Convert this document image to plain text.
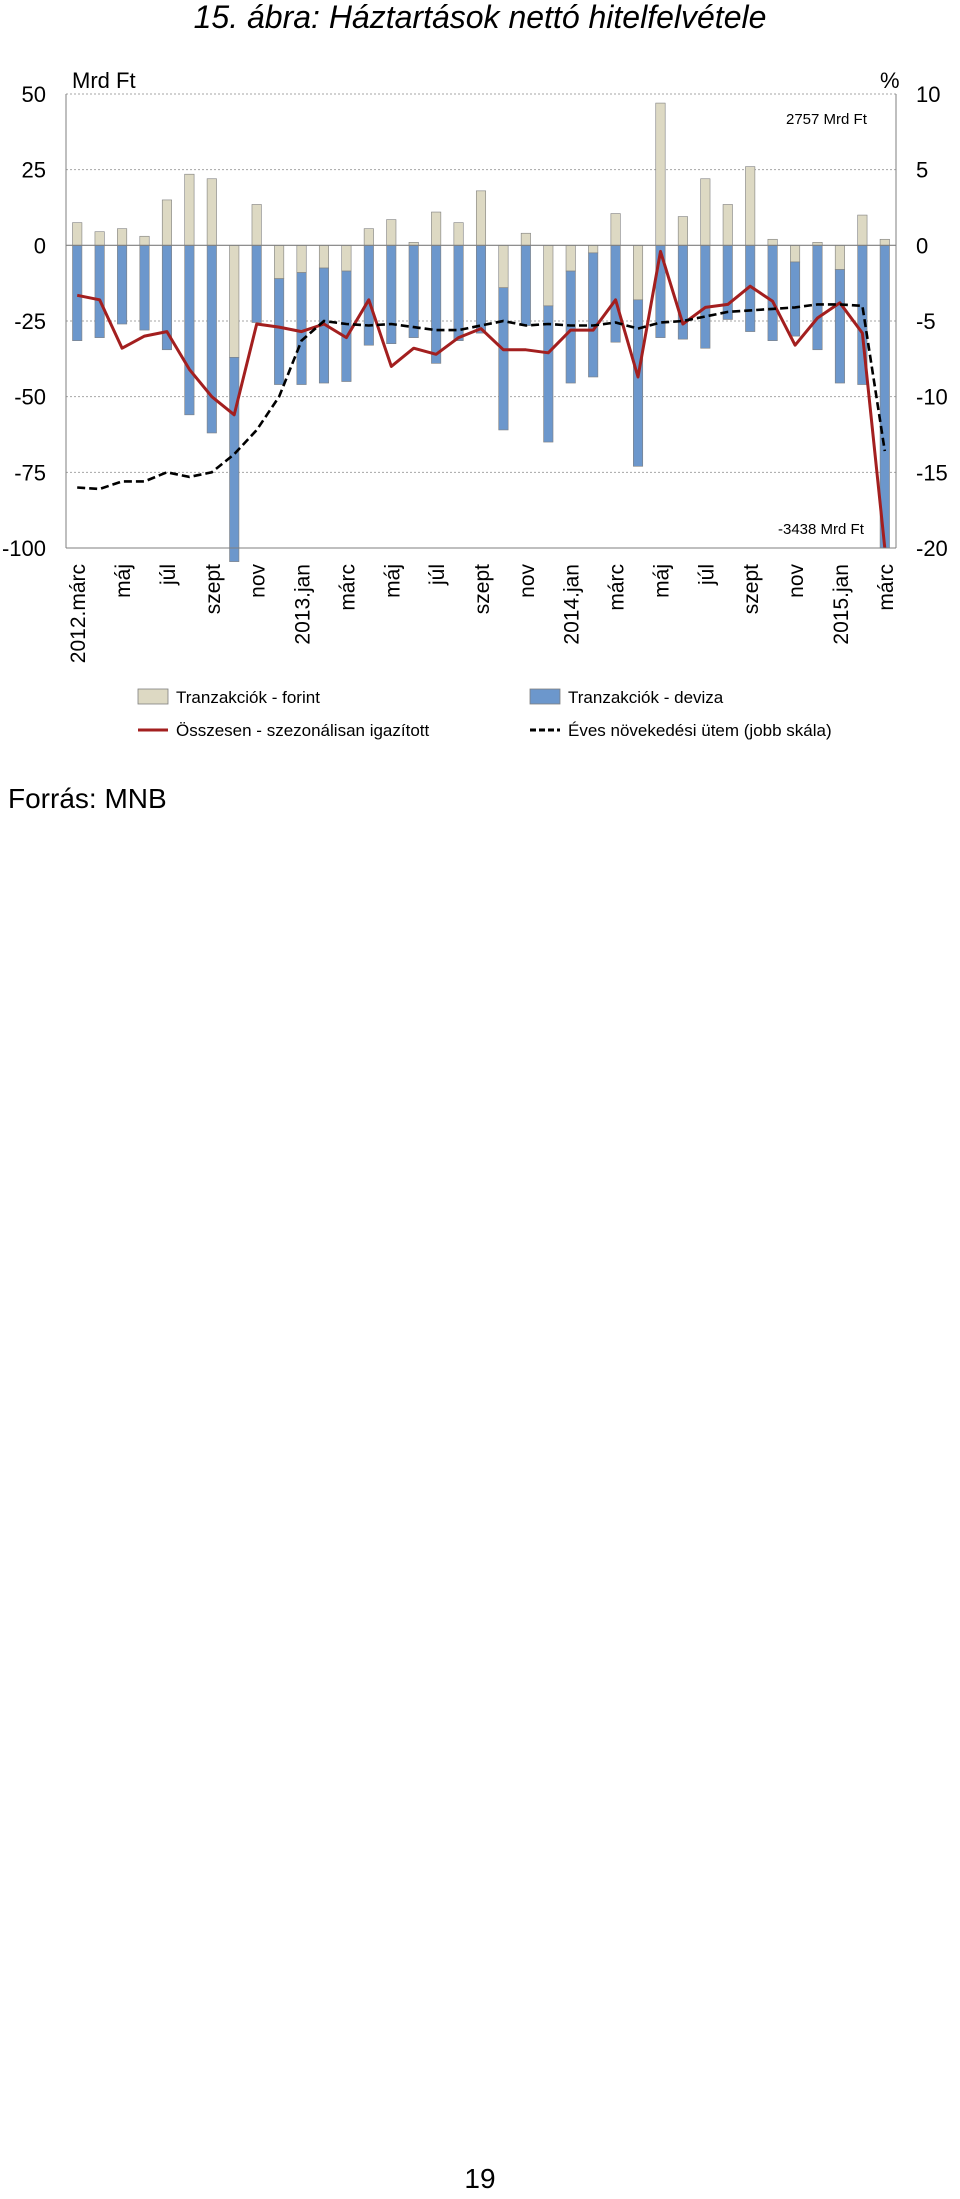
15. ábra: Háztartások nettó hitelfelvétele
50	10
25	5
0	0
-25	-5
-50	-10
-75	-15
-100	-20
Mrd Ft	%
2757 Mrd Ft
-3438 Mrd Ft
2012.márc máj júl szept nov 2013.jan márc máj júl szept nov 2014.jan márc máj júl szept nov 2015.jan márc
Tranzakciók - forint	Tranzakciók - deviza
Összesen - szezonálisan igazított	Éves növekedési ütem (jobb skála)
Forrás: MNB
19
